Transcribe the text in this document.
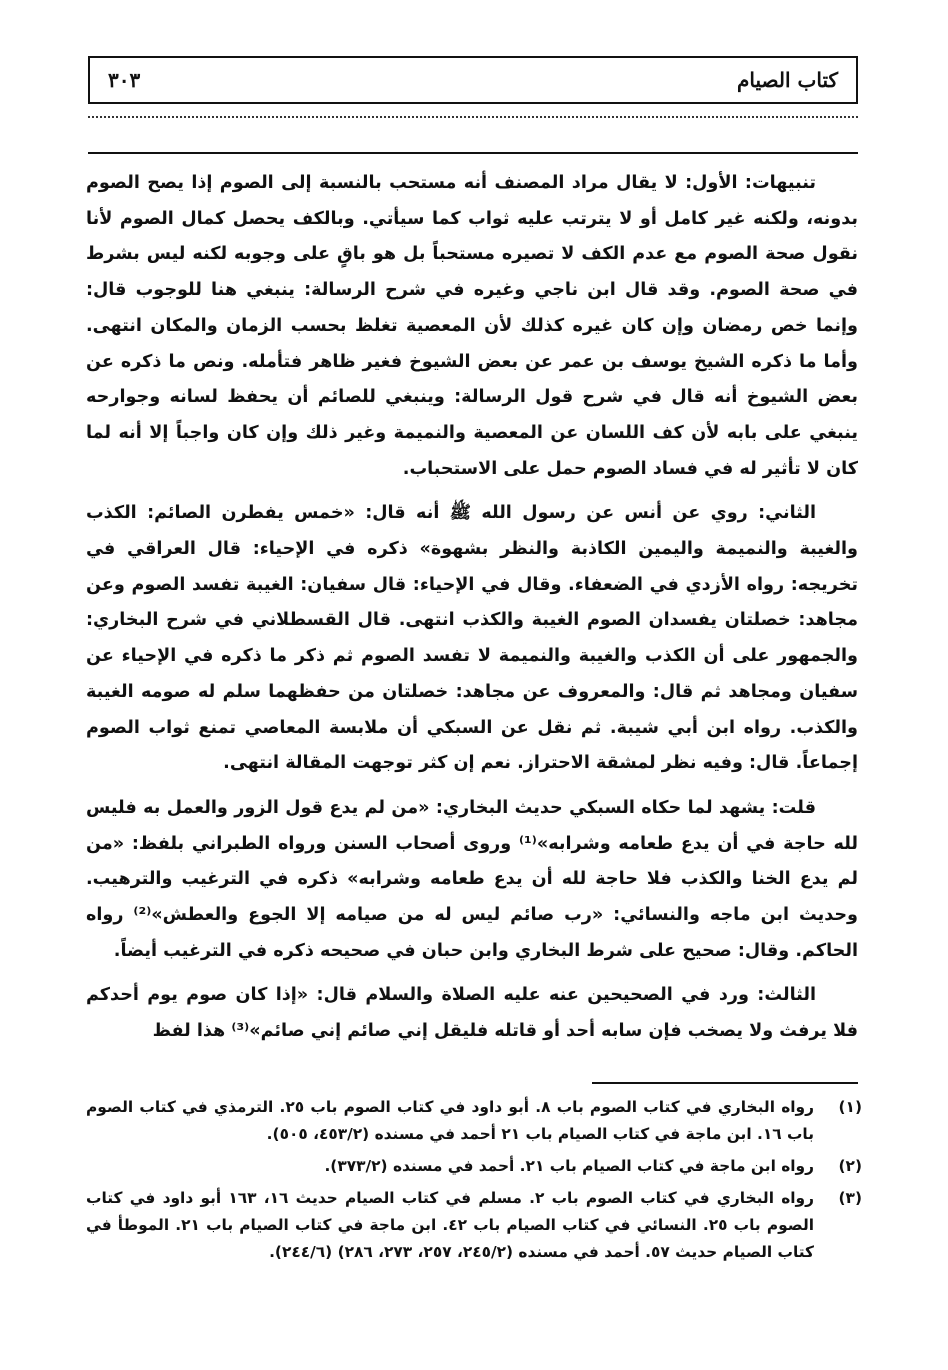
كتاب الصيام
٣٠٣

تنبيهات: الأول: لا يقال مراد المصنف أنه مستحب بالنسبة إلى الصوم إذا يصح الصوم بدونه، ولكنه غير كامل أو لا يترتب عليه ثواب كما سيأتي. وبالكف يحصل كمال الصوم لأنا نقول صحة الصوم مع عدم الكف لا تصيره مستحباً بل هو باقٍ على وجوبه لكنه ليس بشرط في صحة الصوم. وقد قال ابن ناجي وغيره في شرح الرسالة: ينبغي هنا للوجوب قال: وإنما خص رمضان وإن كان غيره كذلك لأن المعصية تغلظ بحسب الزمان والمكان انتهى. وأما ما ذكره الشيخ يوسف بن عمر عن بعض الشيوخ فغير ظاهر فتأمله. ونص ما ذكره عن بعض الشيوخ أنه قال في شرح قول الرسالة: وينبغي للصائم أن يحفظ لسانه وجوارحه ينبغي على بابه لأن كف اللسان عن المعصية والنميمة وغير ذلك وإن كان واجباً إلا أنه لما كان لا تأثير له في فساد الصوم حمل على الاستحباب.

الثاني: روي عن أنس عن رسول الله ﷺ أنه قال: «خمس يفطرن الصائم: الكذب والغيبة والنميمة واليمين الكاذبة والنظر بشهوة» ذكره في الإحياء: قال العراقي في تخريجه: رواه الأزدي في الضعفاء. وقال في الإحياء: قال سفيان: الغيبة تفسد الصوم وعن مجاهد: خصلتان يفسدان الصوم الغيبة والكذب انتهى. قال القسطلاني في شرح البخاري: والجمهور على أن الكذب والغيبة والنميمة لا تفسد الصوم ثم ذكر ما ذكره في الإحياء عن سفيان ومجاهد ثم قال: والمعروف عن مجاهد: خصلتان من حفظهما سلم له صومه الغيبة والكذب. رواه ابن أبي شيبة. ثم نقل عن السبكي أن ملابسة المعاصي تمنع ثواب الصوم إجماعاً. قال: وفيه نظر لمشقة الاحتراز. نعم إن كثر توجهت المقالة انتهى.

قلت: يشهد لما حكاه السبكي حديث البخاري: «من لم يدع قول الزور والعمل به فليس لله حاجة في أن يدع طعامه وشرابه»⁽¹⁾ وروى أصحاب السنن ورواه الطبراني بلفظ: «من لم يدع الخنا والكذب فلا حاجة لله أن يدع طعامه وشرابه» ذكره في الترغيب والترهيب. وحديث ابن ماجه والنسائي: «رب صائم ليس له من صيامه إلا الجوع والعطش»⁽²⁾ رواه الحاكم. وقال: صحيح على شرط البخاري وابن حبان في صحيحه ذكره في الترغيب أيضاً.

الثالث: ورد في الصحيحين عنه عليه الصلاة والسلام قال: «إذا كان صوم يوم أحدكم فلا يرفث ولا يصخب فإن سابه أحد أو قاتله فليقل إني صائم إني صائم»⁽³⁾ هذا لفظ

(١)
رواه البخاري في كتاب الصوم باب ٨. أبو داود في كتاب الصوم باب ٢٥. الترمذي في كتاب الصوم باب ١٦. ابن ماجة في كتاب الصيام باب ٢١ أحمد في مسنده (٤٥٣/٢، ٥٠٥).
(٢)
رواه ابن ماجة في كتاب الصيام باب ٢١. أحمد في مسنده (٣٧٣/٢).
(٣)
رواه البخاري في كتاب الصوم باب ٢. مسلم في كتاب الصيام حديث ١٦، ١٦٣ أبو داود في كتاب الصوم باب ٢٥. النسائي في كتاب الصيام باب ٤٢. ابن ماجة في كتاب الصيام باب ٢١. الموطأ في كتاب الصيام حديث ٥٧. أحمد في مسنده (٢٤٥/٢، ٢٥٧، ٢٧٣، ٢٨٦) (٢٤٤/٦).
